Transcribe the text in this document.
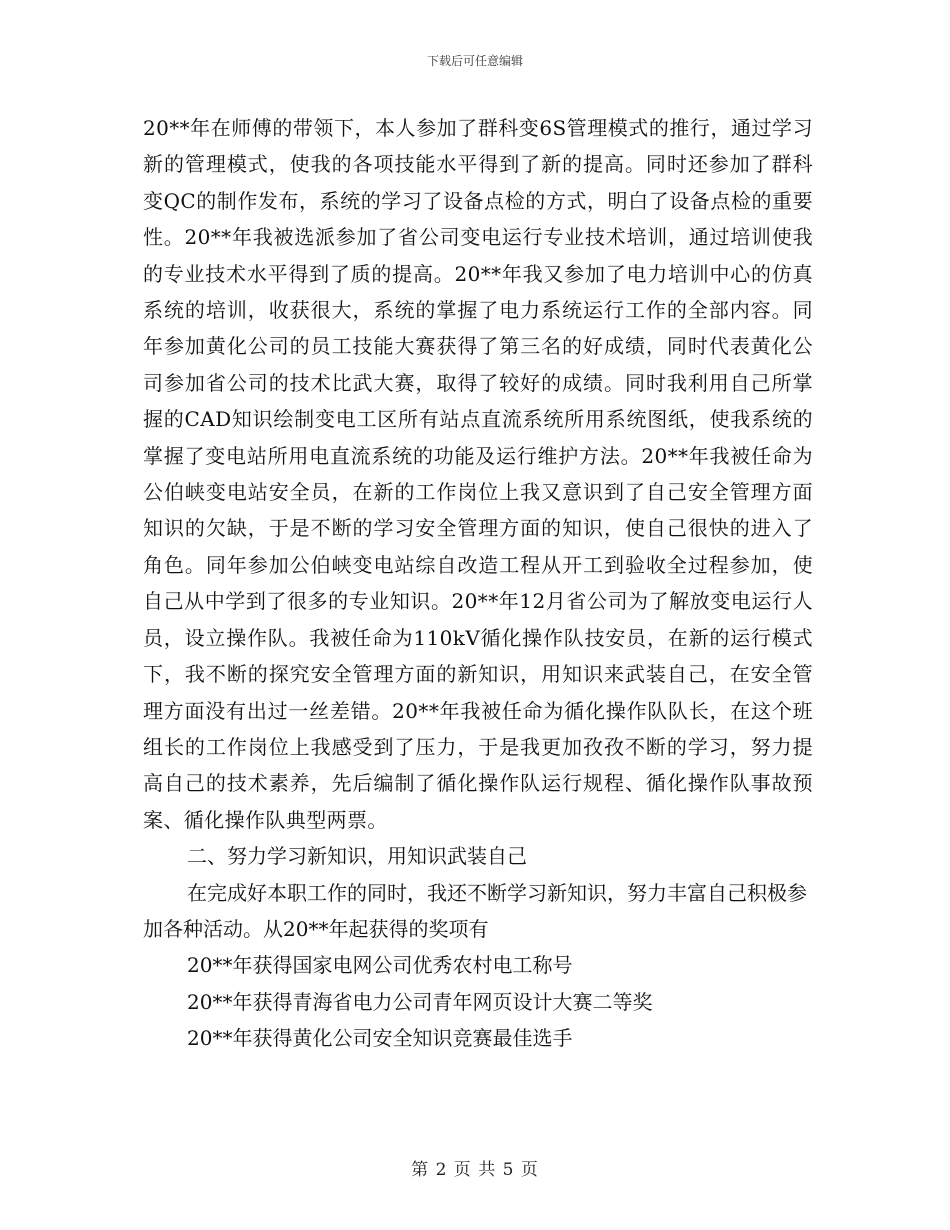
下载后可任意编辑

20**年在师傅的带领下，本人参加了群科变6S管理模式的推行，通过学习新的管理模式，使我的各项技能水平得到了新的提高。同时还参加了群科变QC的制作发布，系统的学习了设备点检的方式，明白了设备点检的重要性。20**年我被选派参加了省公司变电运行专业技术培训，通过培训使我的专业技术水平得到了质的提高。20**年我又参加了电力培训中心的仿真系统的培训，收获很大，系统的掌握了电力系统运行工作的全部内容。同年参加黄化公司的员工技能大赛获得了第三名的好成绩，同时代表黄化公司参加省公司的技术比武大赛，取得了较好的成绩。同时我利用自己所掌握的CAD知识绘制变电工区所有站点直流系统所用系统图纸，使我系统的掌握了变电站所用电直流系统的功能及运行维护方法。20**年我被任命为公伯峡变电站安全员，在新的工作岗位上我又意识到了自己安全管理方面知识的欠缺，于是不断的学习安全管理方面的知识，使自己很快的进入了角色。同年参加公伯峡变电站综自改造工程从开工到验收全过程参加，使自己从中学到了很多的专业知识。20**年12月省公司为了解放变电运行人员，设立操作队。我被任命为110kV循化操作队技安员，在新的运行模式下，我不断的探究安全管理方面的新知识，用知识来武装自己，在安全管理方面没有出过一丝差错。20**年我被任命为循化操作队队长，在这个班组长的工作岗位上我感受到了压力，于是我更加孜孜不断的学习，努力提高自己的技术素养，先后编制了循化操作队运行规程、循化操作队事故预案、循化操作队典型两票。

二、努力学习新知识，用知识武装自己

在完成好本职工作的同时，我还不断学习新知识，努力丰富自己积极参加各种活动。从20**年起获得的奖项有

20**年获得国家电网公司优秀农村电工称号

20**年获得青海省电力公司青年网页设计大赛二等奖

20**年获得黄化公司安全知识竞赛最佳选手

第 2 页 共 5 页
